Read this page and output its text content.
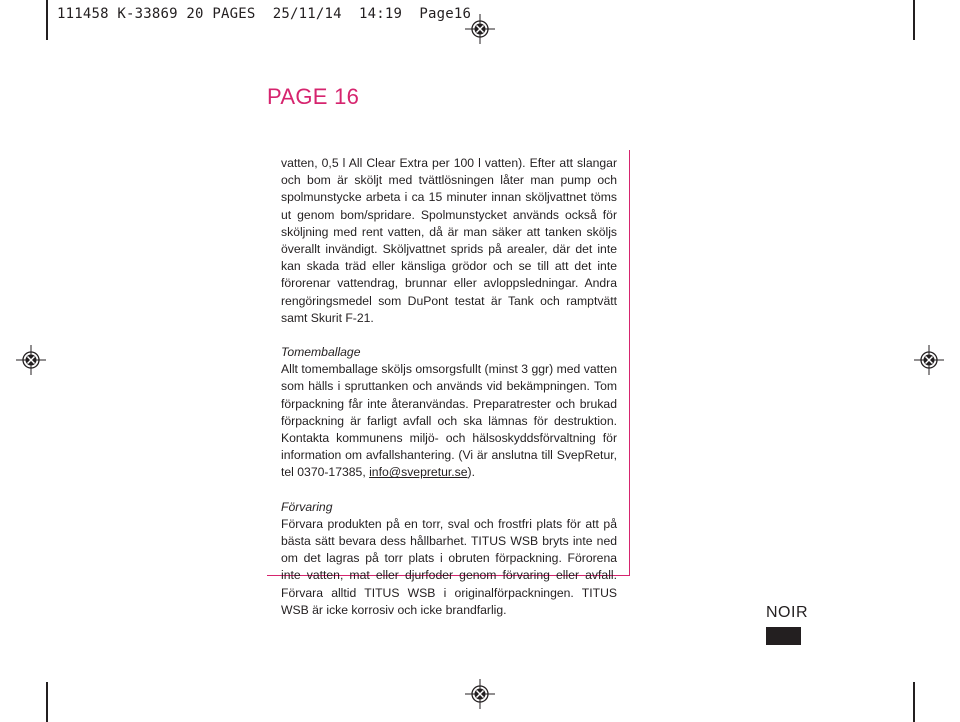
111458 K-33869 20 PAGES  25/11/14  14:19  Page16
PAGE 16

vatten, 0,5 l All Clear Extra per 100 l vatten). Efter att slangar och bom är sköljt med tvättlösningen låter man pump och spolmunstycke arbeta i ca 15 minuter innan sköljvattnet töms ut genom bom/spridare. Spolmunstycket används också för sköljning med rent vatten, då är man säker att tanken skölјs överallt invändigt. Sköljvattnet sprids på arealer, där det inte kan skada träd eller känsliga grödor och se till att det inte förorenar vattendrag, brunnar eller avloppsledningar. Andra rengöringsmedel som DuPont testat är Tank och ramptvätt samt Skurit F-21.

Tomemballage

Allt tomemballage sköljs omsorgsfullt (minst 3 ggr) med vatten som hälls i spruttanken och används vid bekämpningen. Tom förpackning får inte återanvändas. Preparatrester och brukad förpackning är farligt avfall och ska lämnas för destruktion. Kontakta kommunens miljö- och hälsoskyddsförvaltning för information om avfallshantering. (Vi är anslutna till SvepRetur, tel 0370-17385, info@svepretur.se).

Förvaring

Förvara produkten på en torr, sval och frostfri plats för att på bästa sätt bevara dess hållbarhet. TITUS WSB bryts inte ned om det lagras på torr plats i obruten förpackning. Förorena inte vatten, mat eller djurfoder genom förvaring eller avfall. Förvara alltid TITUS WSB i originalförpackningen. TITUS WSB är icke korrosiv och icke brandfarlig.	NOIR
